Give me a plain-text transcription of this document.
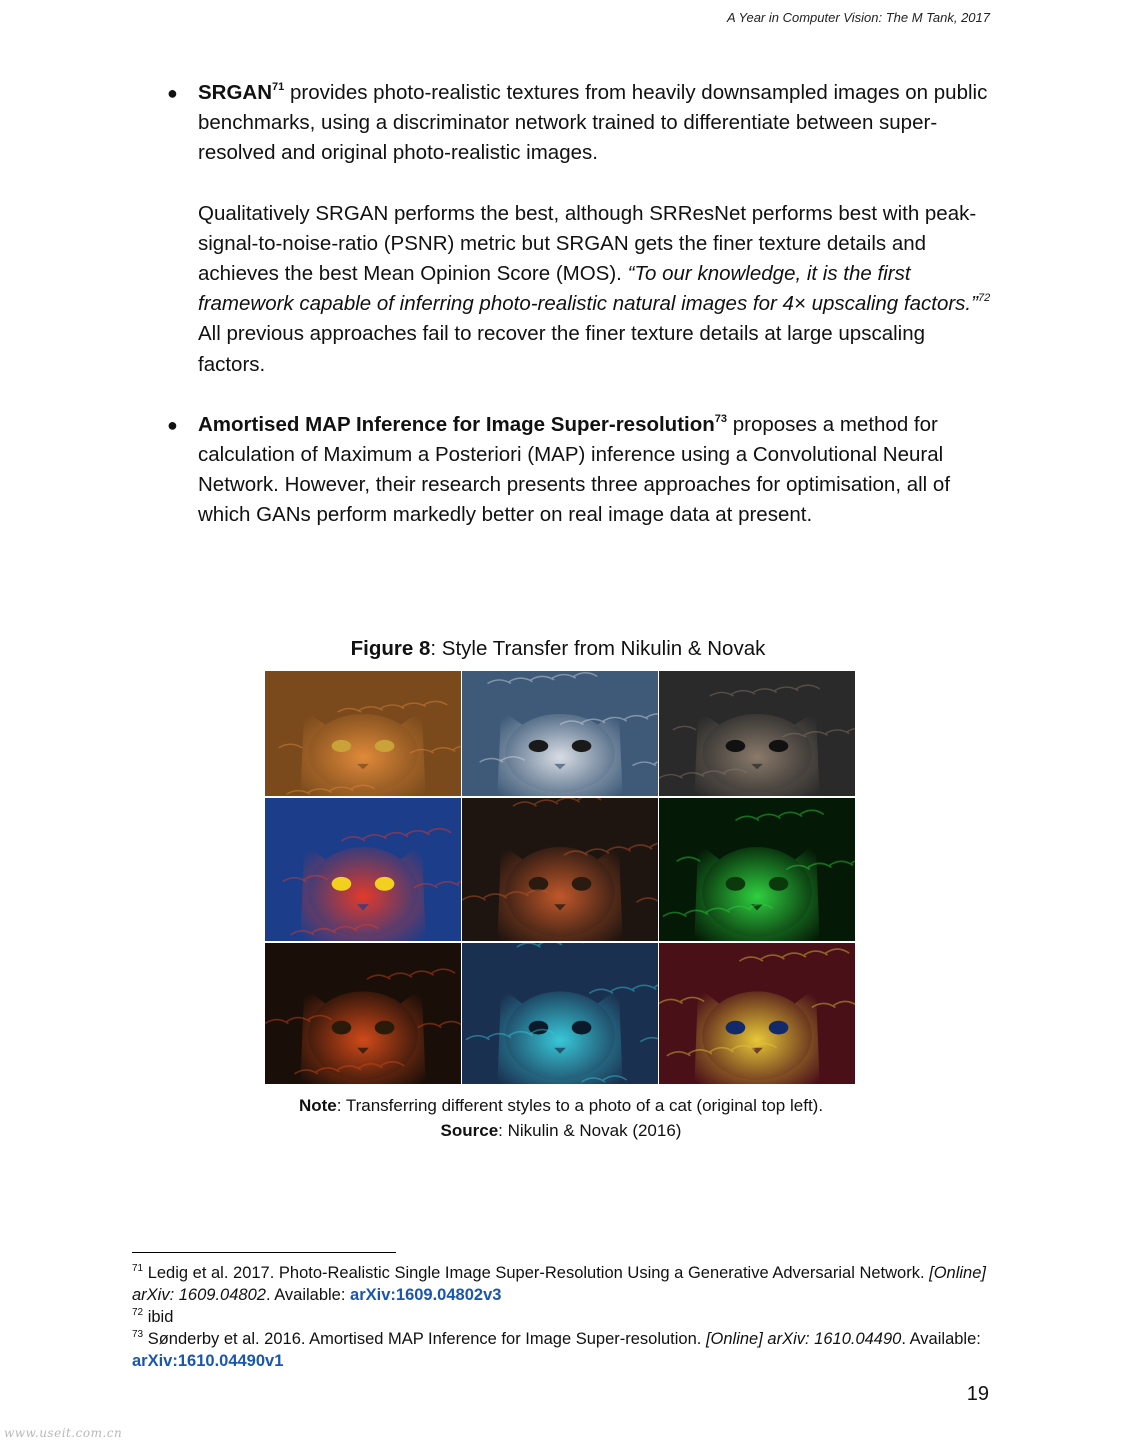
A Year in Computer Vision: The M Tank, 2017
● SRGAN$^{71}$ provides photo-realistic textures from heavily downsampled images on public benchmarks, using a discriminator network trained to differentiate between super-resolved and original photo-realistic images.

Qualitatively SRGAN performs the best, although SRResNet performs best with peak-signal-to-noise-ratio (PSNR) metric but SRGAN gets the finer texture details and achieves the best Mean Opinion Score (MOS). “To our knowledge, it is the first framework capable of inferring photo-realistic natural images for 4× upscaling factors.”$^{72}$ All previous approaches fail to recover the finer texture details at large upscaling factors.

● Amortised MAP Inference for Image Super-resolution$^{73}$ proposes a method for calculation of Maximum a Posteriori (MAP) inference using a Convolutional Neural Network. However, their research presents three approaches for optimisation, all of which GANs perform markedly better on real image data at present.

Figure 8: Style Transfer from Nikulin & Novak
Note: Transferring different styles to a photo of a cat (original top left).
Source: Nikulin & Novak (2016)
$^{71}$ Ledig et al. 2017. Photo-Realistic Single Image Super-Resolution Using a Generative Adversarial Network. [Online] arXiv: 1609.04802. Available: arXiv:1609.04802v3
$^{72}$ ibid
$^{73}$ Sønderby et al. 2016. Amortised MAP Inference for Image Super-resolution. [Online] arXiv: 1610.04490. Available: arXiv:1610.04490v1
19
www.useit.com.cn
